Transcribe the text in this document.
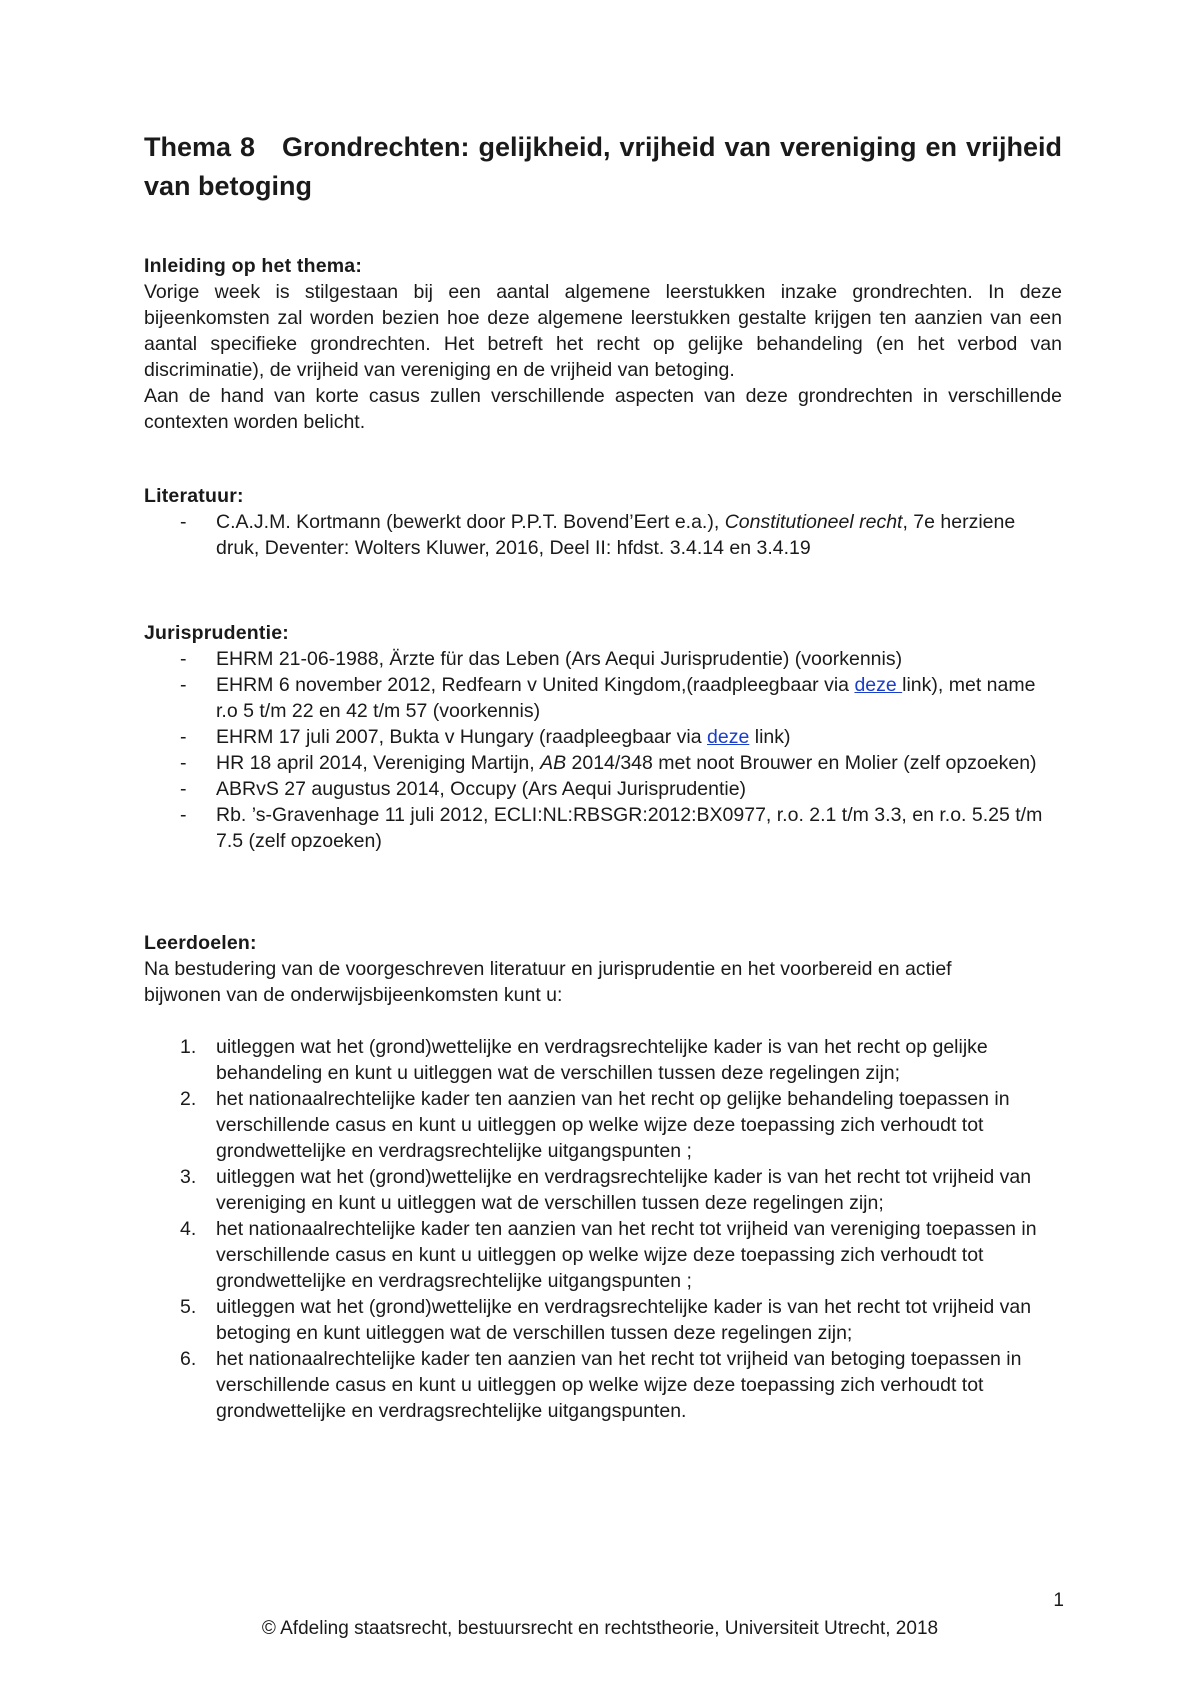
Thema 8 Grondrechten: gelijkheid, vrijheid van vereniging en vrijheid van betoging
Inleiding op het thema:

Vorige week is stilgestaan bij een aantal algemene leerstukken inzake grondrechten. In deze bijeenkomsten zal worden bezien hoe deze algemene leerstukken gestalte krijgen ten aanzien van een aantal specifieke grondrechten. Het betreft het recht op gelijke behandeling (en het verbod van discriminatie), de vrijheid van vereniging en de vrijheid van betoging.

Aan de hand van korte casus zullen verschillende aspecten van deze grondrechten in verschillende contexten worden belicht.

Literatuur:
- C.A.J.M. Kortmann (bewerkt door P.P.T. Bovend’Eert e.a.), Constitutioneel recht, 7e herziene druk, Deventer: Wolters Kluwer, 2016, Deel II: hfdst. 3.4.14 en 3.4.19
Jurisprudentie:
- EHRM 21-06-1988, Ärzte für das Leben (Ars Aequi Jurisprudentie) (voorkennis)
- EHRM 6 november 2012, Redfearn v United Kingdom,(raadpleegbaar via deze link), met name r.o 5 t/m 22 en 42 t/m 57 (voorkennis)
- EHRM 17 juli 2007, Bukta v Hungary (raadpleegbaar via deze link)
- HR 18 april 2014, Vereniging Martijn, AB 2014/348 met noot Brouwer en Molier (zelf opzoeken)
- ABRvS 27 augustus 2014, Occupy (Ars Aequi Jurisprudentie)
- Rb. ’s-Gravenhage 11 juli 2012, ECLI:NL:RBSGR:2012:BX0977, r.o. 2.1 t/m 3.3, en r.o. 5.25 t/m 7.5 (zelf opzoeken)
Leerdoelen:

Na bestudering van de voorgeschreven literatuur en jurisprudentie en het voorbereid en actief bijwonen van de onderwijsbijeenkomsten kunt u:

1. uitleggen wat het (grond)wettelijke en verdragsrechtelijke kader is van het recht op gelijke behandeling en kunt u uitleggen wat de verschillen tussen deze regelingen zijn;
2. het nationaalrechtelijke kader ten aanzien van het recht op gelijke behandeling toepassen in verschillende casus en kunt u uitleggen op welke wijze deze toepassing zich verhoudt tot grondwettelijke en verdragsrechtelijke uitgangspunten ;
3. uitleggen wat het (grond)wettelijke en verdragsrechtelijke kader is van het recht tot vrijheid van vereniging en kunt u uitleggen wat de verschillen tussen deze regelingen zijn;
4. het nationaalrechtelijke kader ten aanzien van het recht tot vrijheid van vereniging toepassen in verschillende casus en kunt u uitleggen op welke wijze deze toepassing zich verhoudt tot grondwettelijke en verdragsrechtelijke uitgangspunten ;
5. uitleggen wat het (grond)wettelijke en verdragsrechtelijke kader is van het recht tot vrijheid van betoging en kunt uitleggen wat de verschillen tussen deze regelingen zijn;
6. het nationaalrechtelijke kader ten aanzien van het recht tot vrijheid van betoging toepassen in verschillende casus en kunt u uitleggen op welke wijze deze toepassing zich verhoudt tot grondwettelijke en verdragsrechtelijke uitgangspunten.
1
© Afdeling staatsrecht, bestuursrecht en rechtstheorie, Universiteit Utrecht, 2018
